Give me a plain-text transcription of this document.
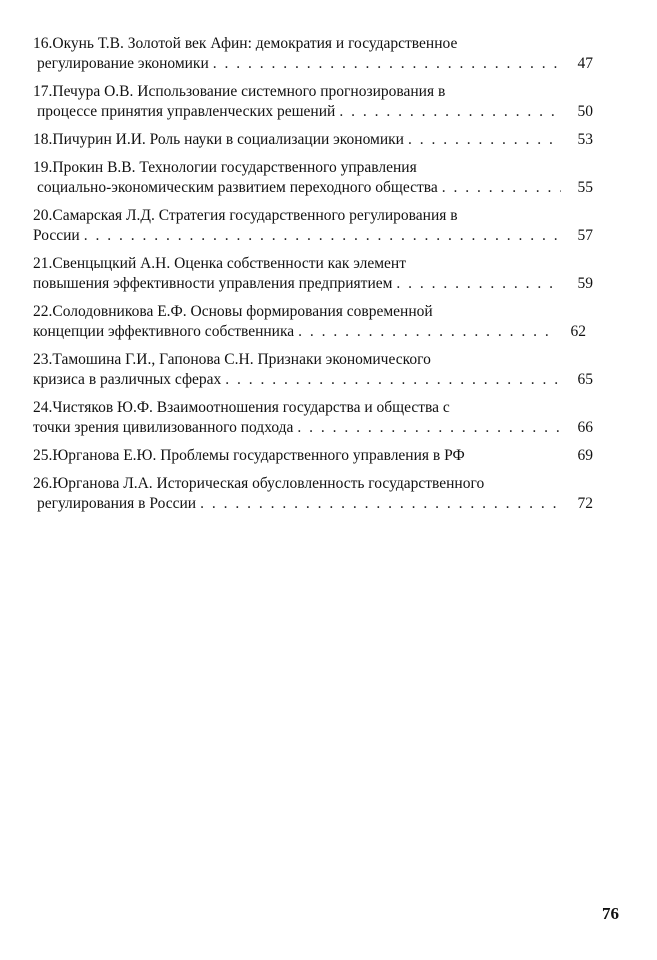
16.Окунь Т.В. Золотой век Афин: демократия и государственное
регулирование экономики . . .	47
17.Печура О.В. Использование системного прогнозирования в
процессе принятия управленческих решений . . .	50
18.Пичурин И.И. Роль науки в социализации экономики . . .	53
19.Прокин В.В. Технологии государственного управления
социально-экономическим развитием переходного общества . . .	55
20.Самарская Л.Д. Стратегия государственного регулирования в
России . . .	57
21.Свенцыцкий А.Н. Оценка собственности как элемент
повышения эффективности управления предприятием . . .	59
22.Солодовникова Е.Ф. Основы формирования современной
концепции эффективного собственника . . .	62
23.Тамошина Г.И., Гапонова С.Н. Признаки экономического
кризиса в различных сферах . . .	65
24.Чистяков Ю.Ф. Взаимоотношения государства и общества с
точки зрения цивилизованного подхода . . .	66
25.Юрганова Е.Ю. Проблемы государственного управления в РФ	69
26.Юрганова Л.А. Историческая обусловленность государственного
регулирования в России . . .	72
76
